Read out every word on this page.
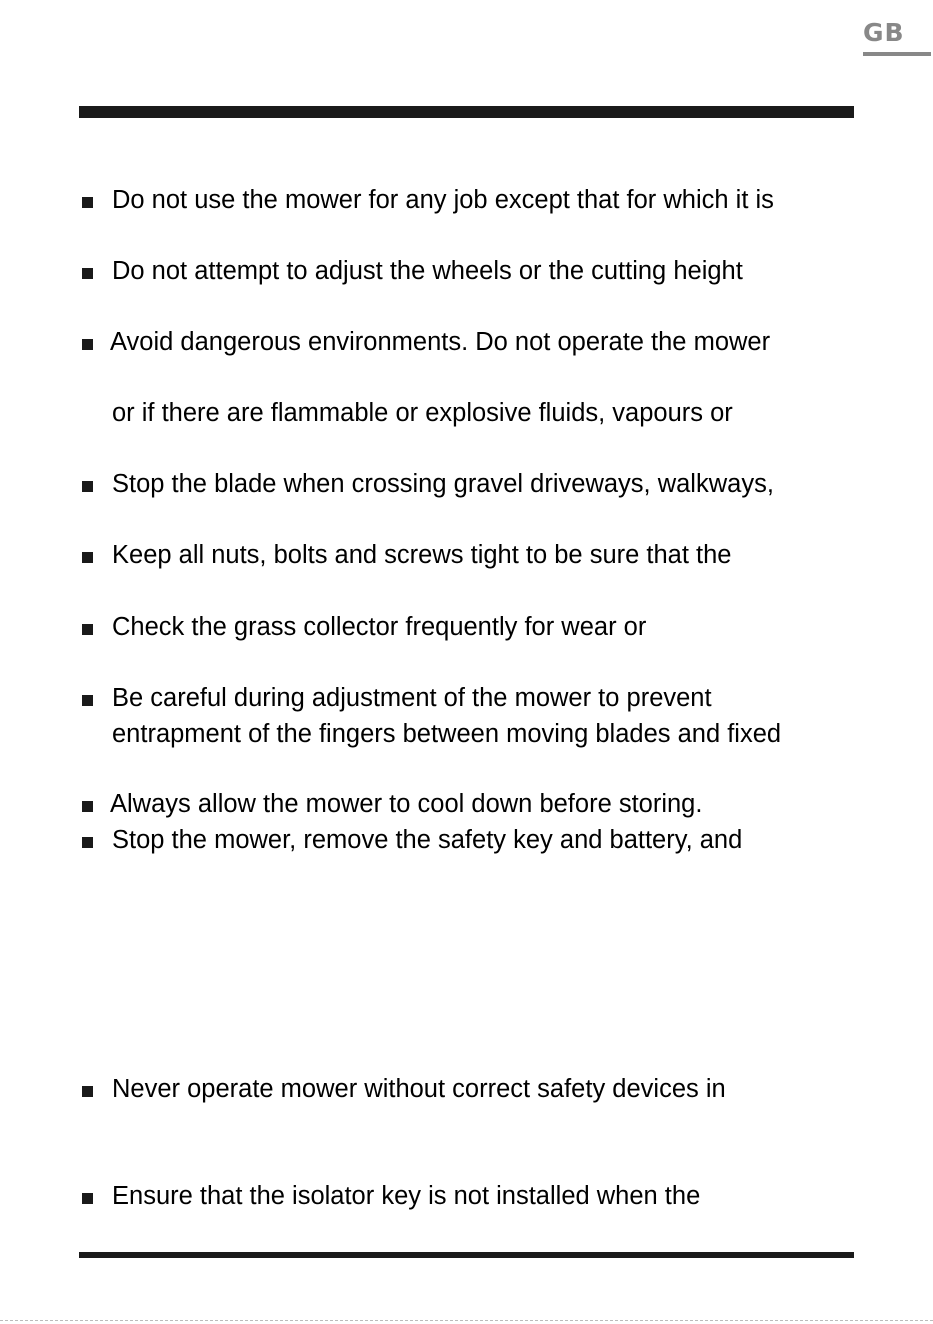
GB
Do not use the mower for any job except that for which it is
Do not attempt to adjust the wheels or the cutting height
Avoid dangerous environments. Do not operate the mower
or if there are flammable or explosive fluids, vapours or
Stop the blade when crossing gravel driveways, walkways,
Keep all nuts, bolts and screws tight to be sure that the
Check the grass collector frequently for wear or
Be careful during adjustment of the mower to prevent
entrapment of the fingers between moving blades and fixed
Always allow the mower to cool down before storing.
Stop the mower, remove the safety key and battery, and
Never operate mower without correct safety devices in
Ensure that the isolator key is not installed when the
